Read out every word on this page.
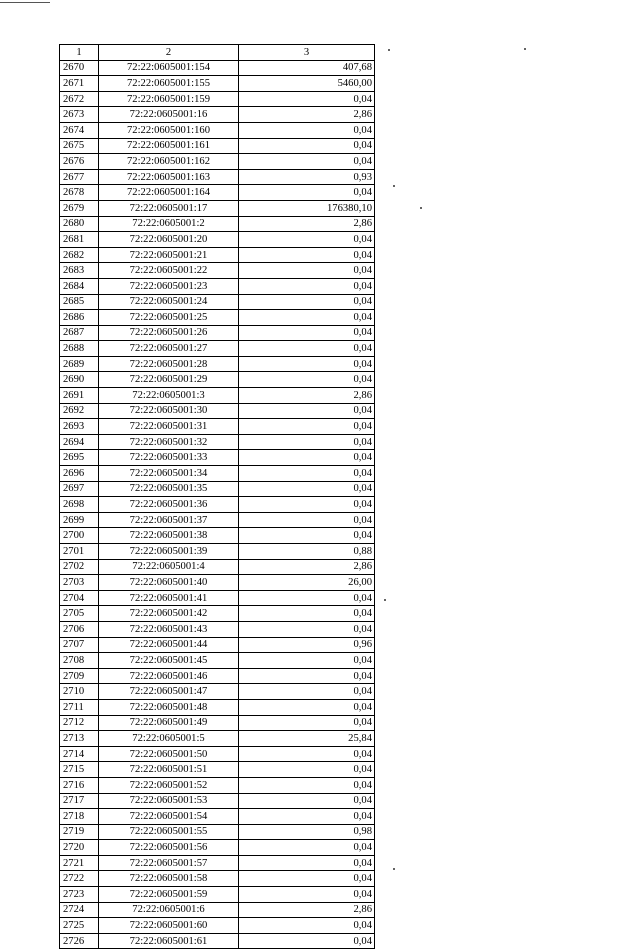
1	2	3
2670	72:22:0605001:154	407,68
2671	72:22:0605001:155	5460,00
2672	72:22:0605001:159	0,04
2673	72:22:0605001:16	2,86
2674	72:22:0605001:160	0,04
2675	72:22:0605001:161	0,04
2676	72:22:0605001:162	0,04
2677	72:22:0605001:163	0,93
2678	72:22:0605001:164	0,04
2679	72:22:0605001:17	176380,10
2680	72:22:0605001:2	2,86
2681	72:22:0605001:20	0,04
2682	72:22:0605001:21	0,04
2683	72:22:0605001:22	0,04
2684	72:22:0605001:23	0,04
2685	72:22:0605001:24	0,04
2686	72:22:0605001:25	0,04
2687	72:22:0605001:26	0,04
2688	72:22:0605001:27	0,04
2689	72:22:0605001:28	0,04
2690	72:22:0605001:29	0,04
2691	72:22:0605001:3	2,86
2692	72:22:0605001:30	0,04
2693	72:22:0605001:31	0,04
2694	72:22:0605001:32	0,04
2695	72:22:0605001:33	0,04
2696	72:22:0605001:34	0,04
2697	72:22:0605001:35	0,04
2698	72:22:0605001:36	0,04
2699	72:22:0605001:37	0,04
2700	72:22:0605001:38	0,04
2701	72:22:0605001:39	0,88
2702	72:22:0605001:4	2,86
2703	72:22:0605001:40	26,00
2704	72:22:0605001:41	0,04
2705	72:22:0605001:42	0,04
2706	72:22:0605001:43	0,04
2707	72:22:0605001:44	0,96
2708	72:22:0605001:45	0,04
2709	72:22:0605001:46	0,04
2710	72:22:0605001:47	0,04
2711	72:22:0605001:48	0,04
2712	72:22:0605001:49	0,04
2713	72:22:0605001:5	25,84
2714	72:22:0605001:50	0,04
2715	72:22:0605001:51	0,04
2716	72:22:0605001:52	0,04
2717	72:22:0605001:53	0,04
2718	72:22:0605001:54	0,04
2719	72:22:0605001:55	0,98
2720	72:22:0605001:56	0,04
2721	72:22:0605001:57	0,04
2722	72:22:0605001:58	0,04
2723	72:22:0605001:59	0,04
2724	72:22:0605001:6	2,86
2725	72:22:0605001:60	0,04
2726	72:22:0605001:61	0,04
